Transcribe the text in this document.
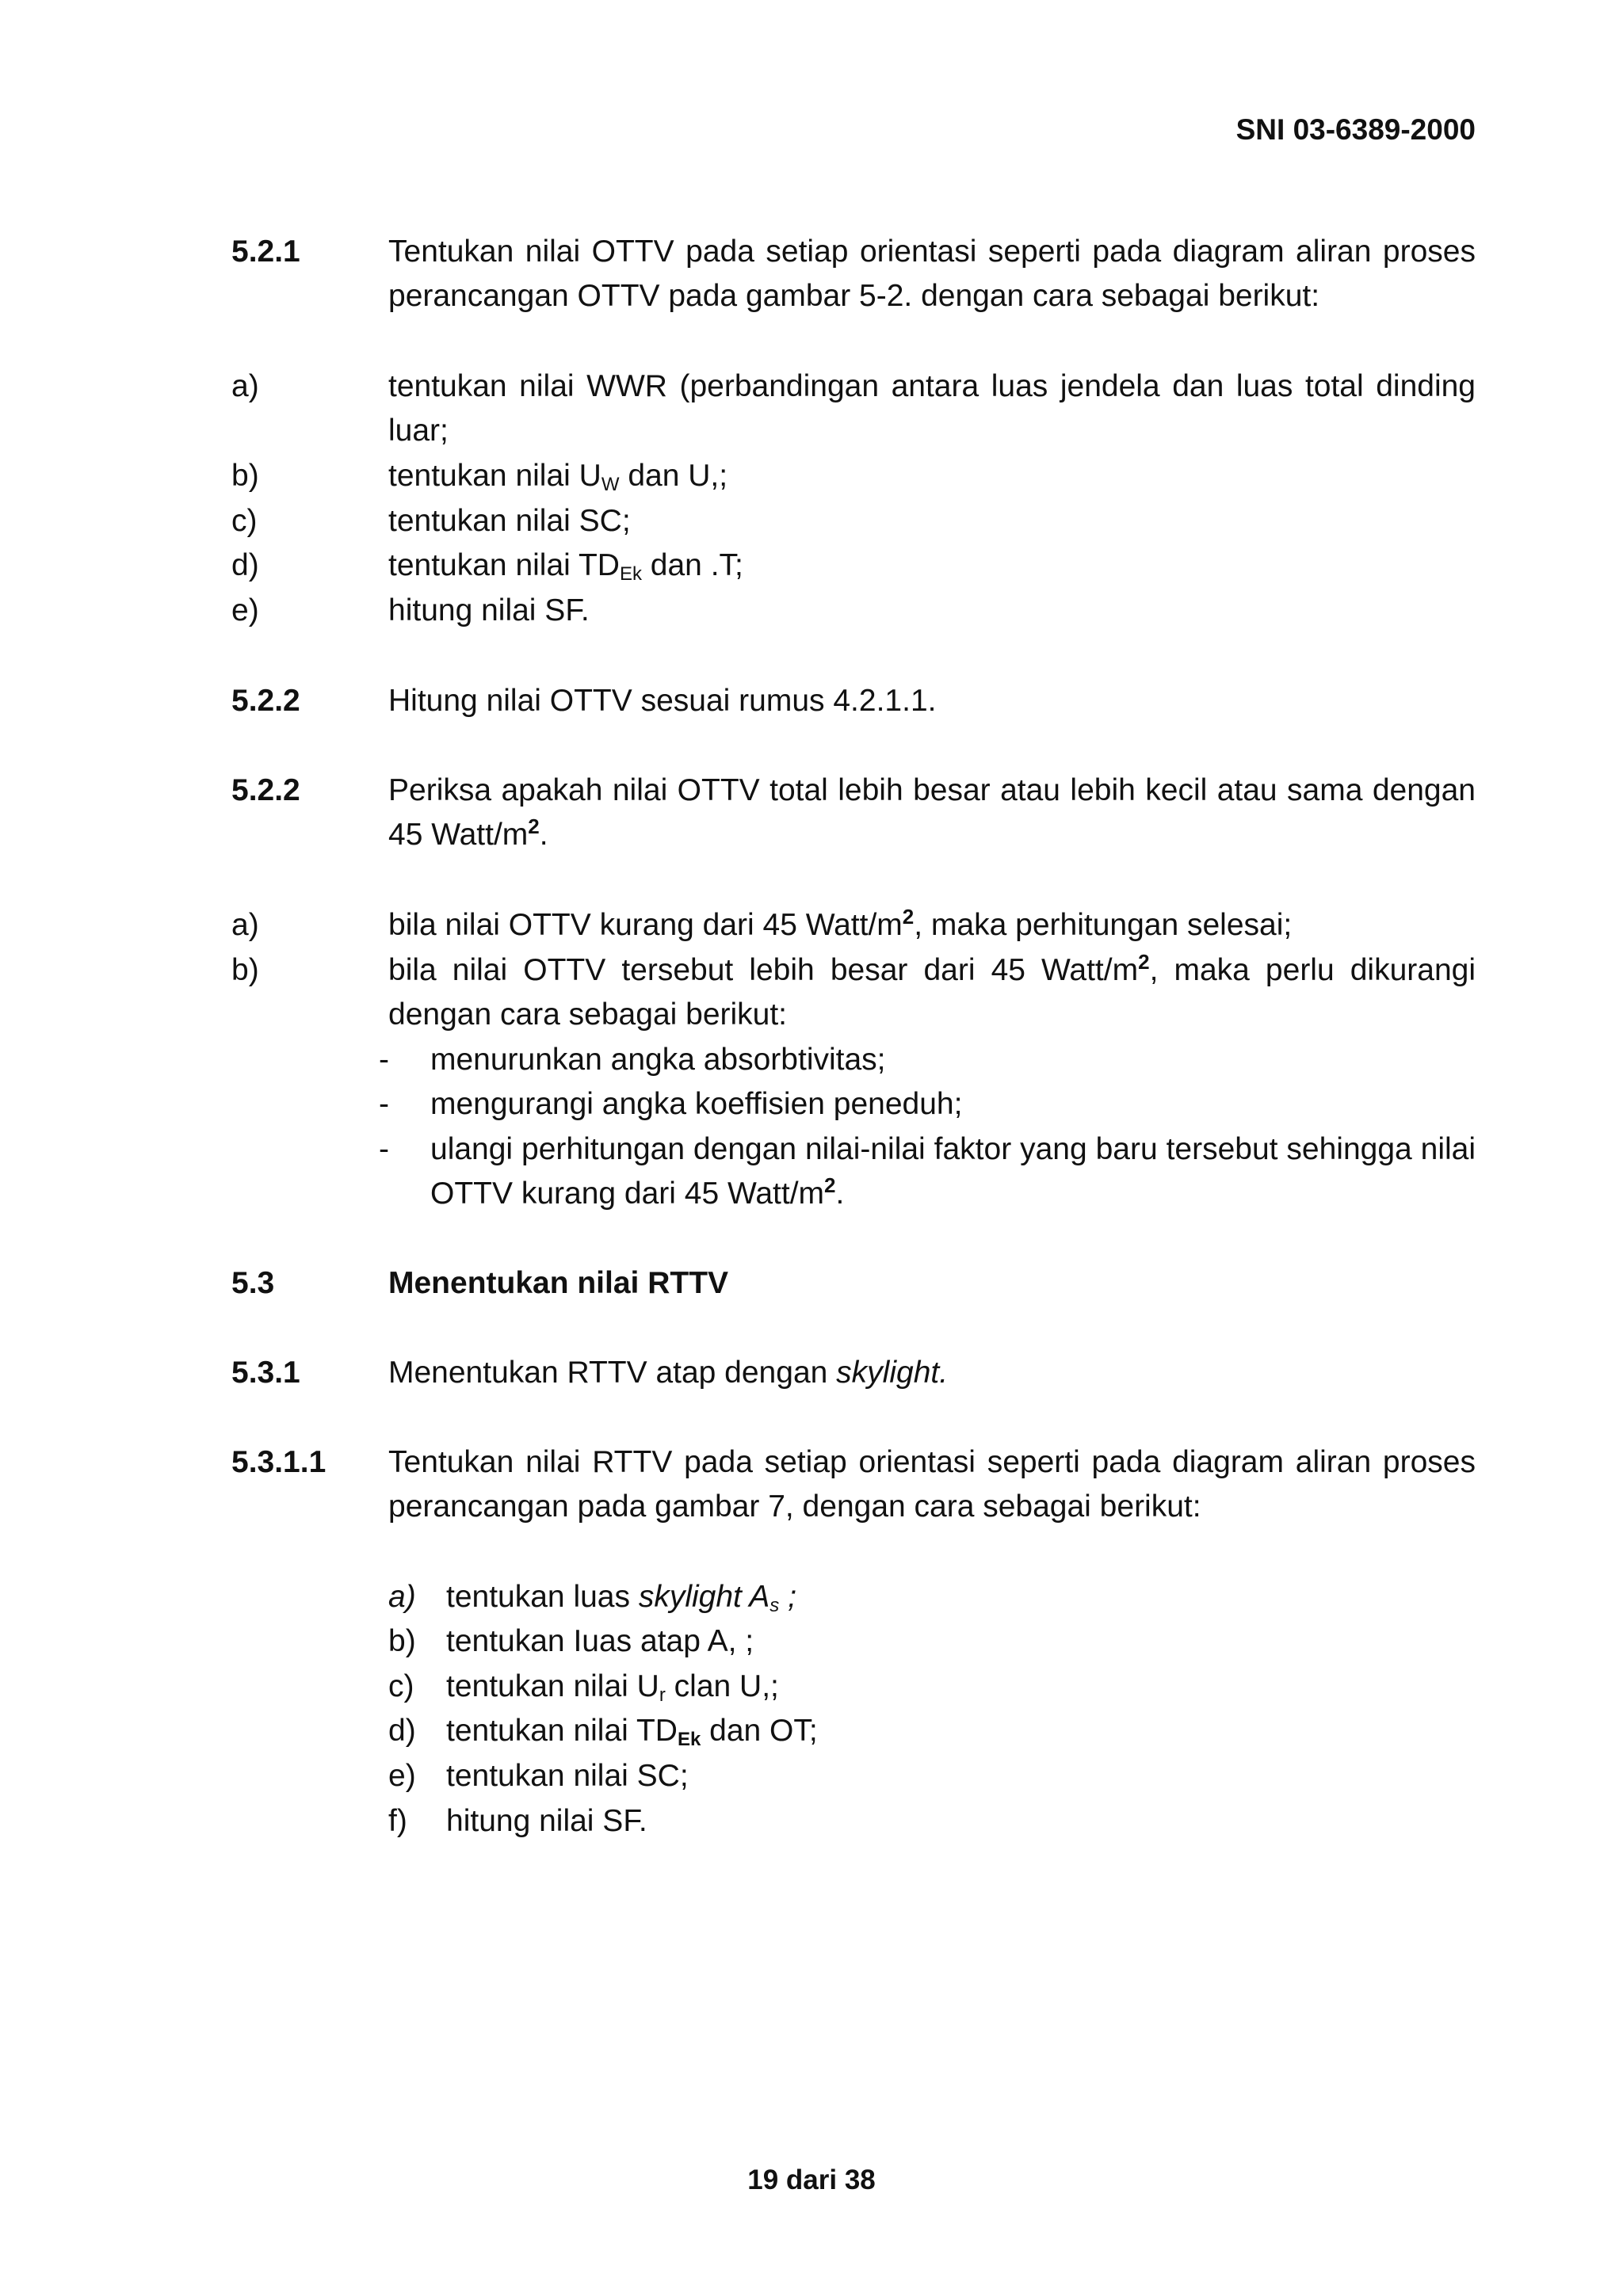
SNI 03-6389-2000
5.2.1	Tentukan nilai OTTV pada setiap orientasi seperti pada diagram aliran proses perancangan OTTV pada gambar 5-2. dengan cara sebagai berikut:
a)	tentukan nilai WWR (perbandingan antara luas jendela dan luas total dinding luar;
b)	tentukan nilai $U_W$ dan U,;
c)	tentukan nilai SC;
d)	tentukan nilai $TD_{Ek}$ dan .T;
e)	hitung nilai SF.
5.2.2	Hitung nilai OTTV sesuai rumus 4.2.1.1.
5.2.2	Periksa apakah nilai OTTV total lebih besar atau lebih kecil atau sama dengan 45 Watt/$m^2$.
a)	bila nilai OTTV kurang dari 45 Watt/$m^2$, maka perhitungan selesai;
b)	bila nilai OTTV tersebut lebih besar dari 45 Watt/$m^2$, maka perlu dikurangi dengan cara sebagai berikut:
- menurunkan angka absorbtivitas;
- mengurangi angka koeffisien peneduh;
- ulangi perhitungan dengan nilai-nilai faktor yang baru tersebut sehingga nilai OTTV kurang dari 45 Watt/$m^2$.
5.3	Menentukan nilai RTTV
5.3.1	Menentukan RTTV atap dengan skylight.
5.3.1.1 Tentukan nilai RTTV pada setiap orientasi seperti pada diagram aliran proses perancangan pada gambar 7, dengan cara sebagai berikut:
a) tentukan luas skylight $A_s$ ;
b) tentukan Iuas atap A, ;
c) tentukan nilai $U_r$ clan U,;
d) tentukan nilai $TD_{Ek}$ dan OT;
e) tentukan nilai SC;
f) hitung nilai SF.
19 dari 38
